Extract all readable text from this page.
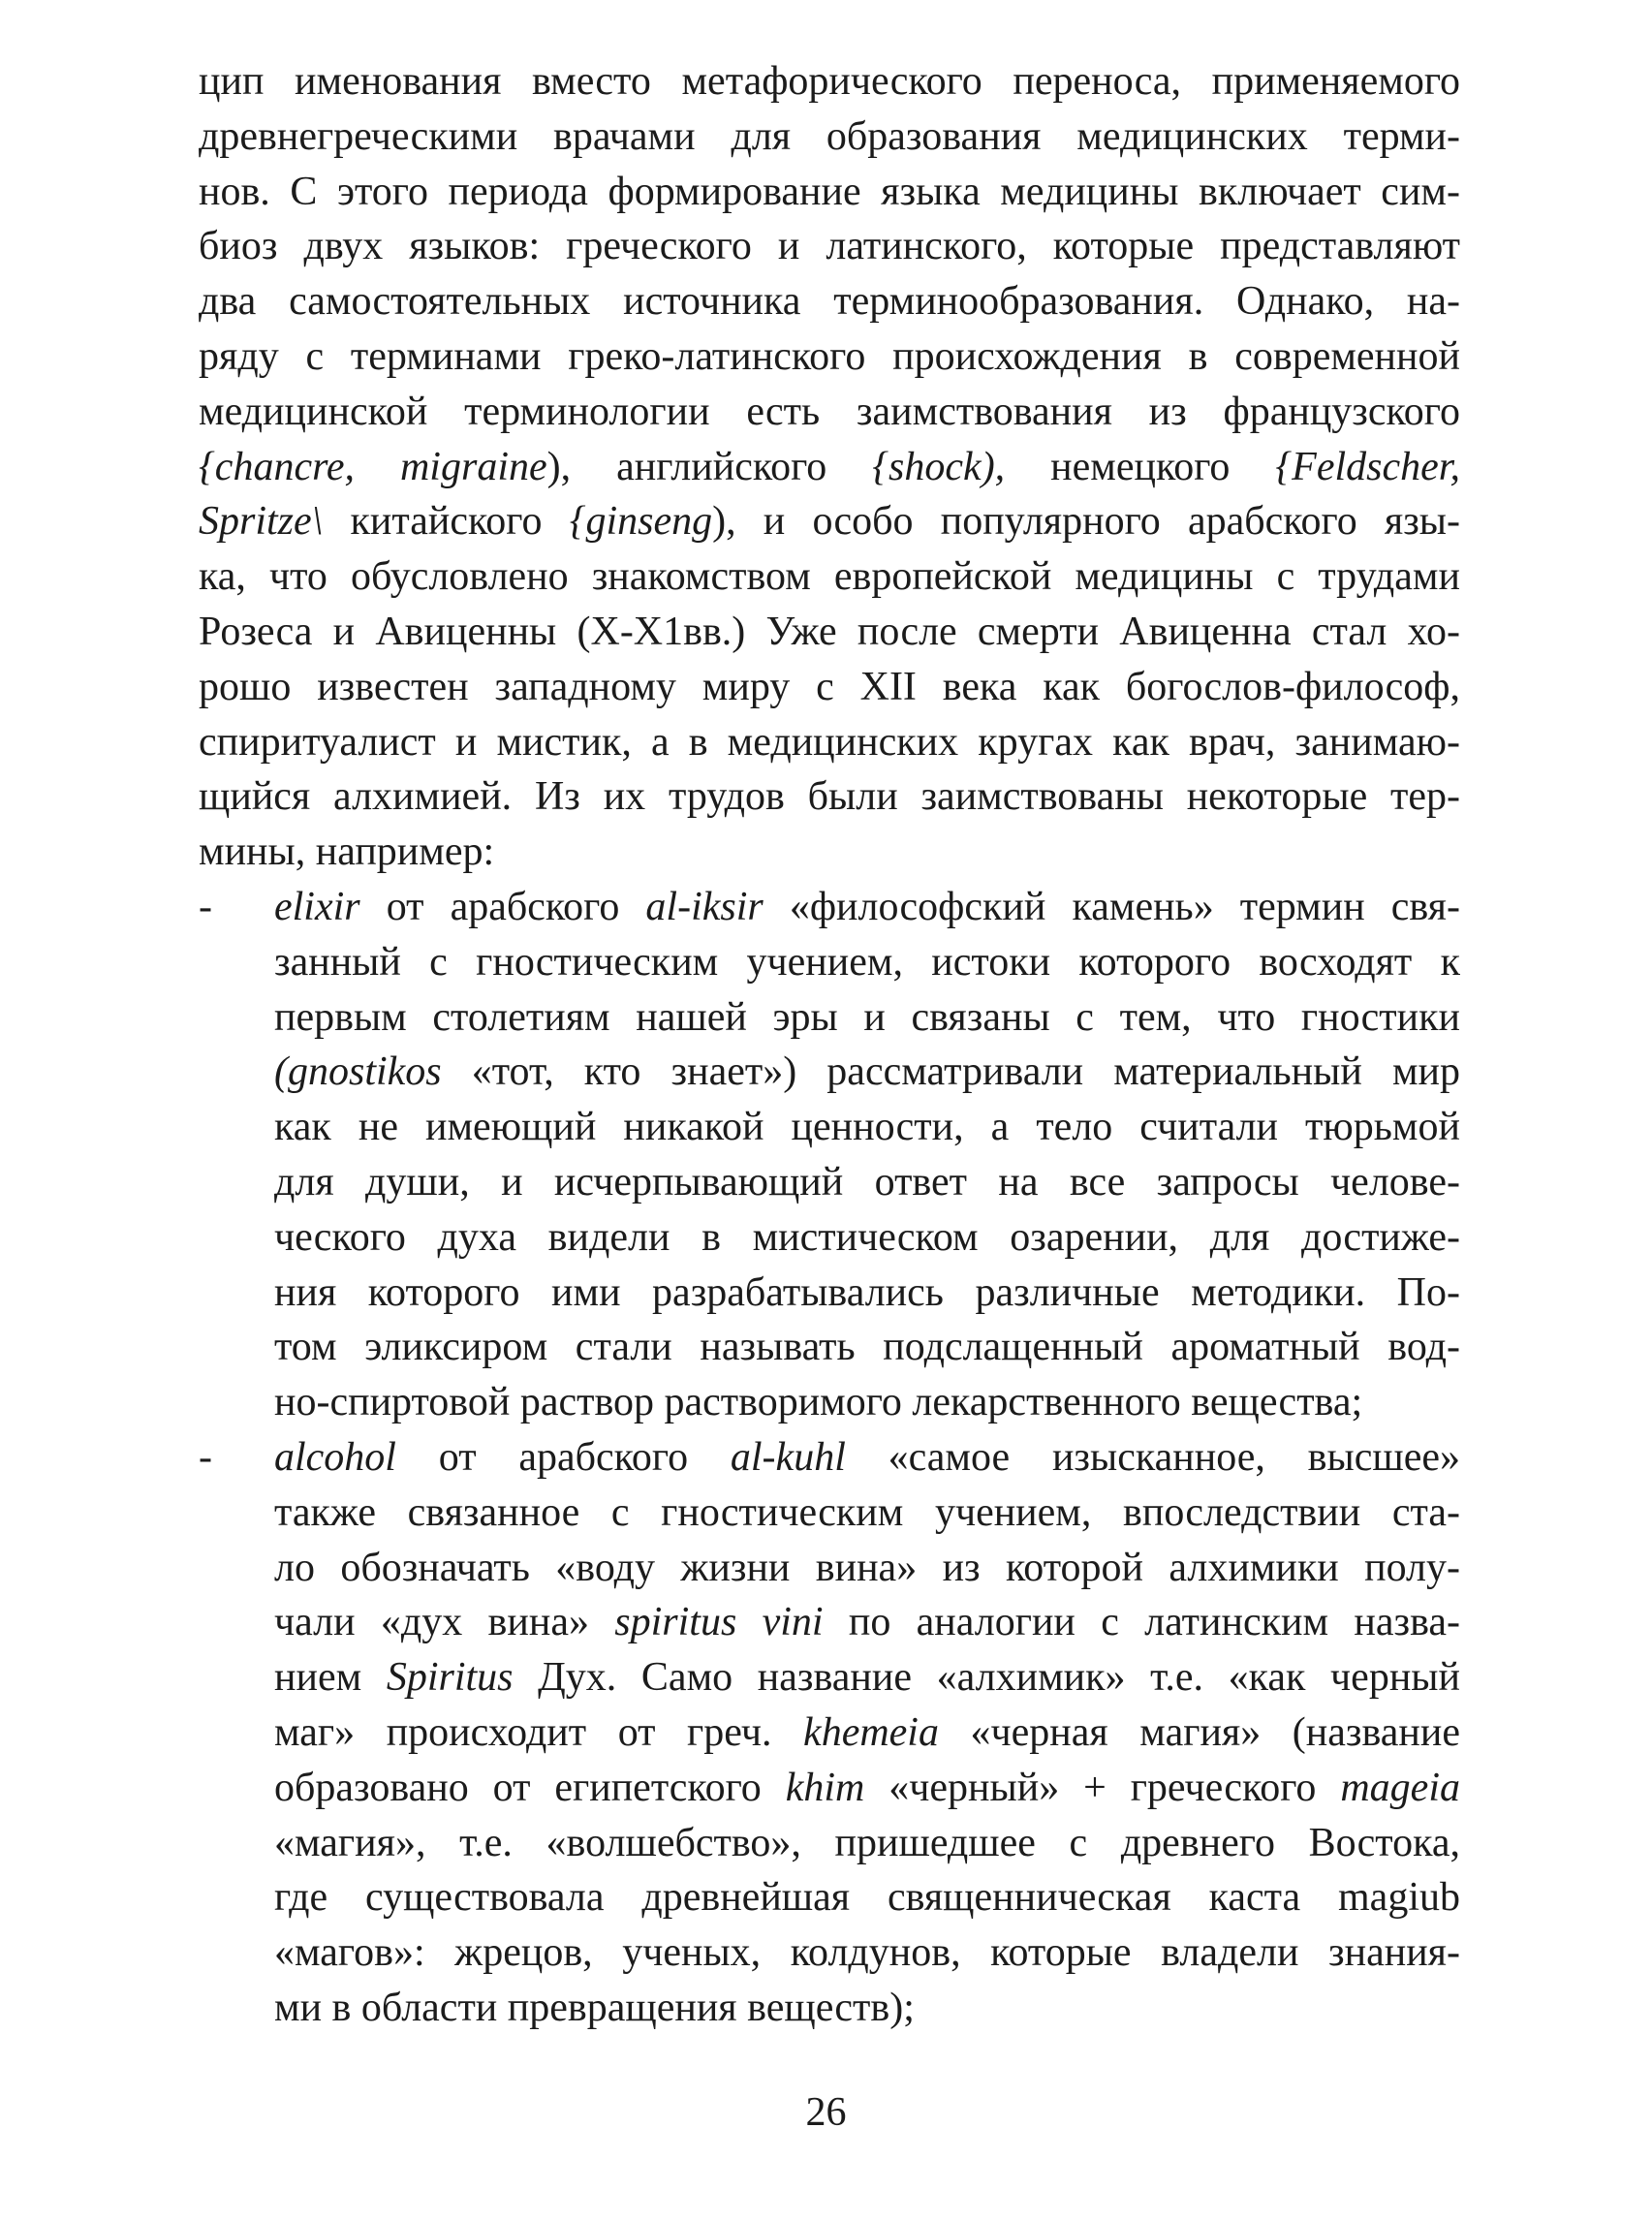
цип именования вместо метафорического переноса, применяемого
древнегреческими врачами для образования медицинских терми-
нов. С этого периода формирование языка медицины включает сим-
биоз двух языков: греческого и латинского, которые представляют
два самостоятельных источника терминообразования. Однако, на-
ряду с терминами греко-латинского происхождения в современной
медицинской терминологии есть заимствования из французского
{chancre, migraine), английского {shock), немецкого {Feldscher,
Spritze\ китайского {ginseng), и особо популярного арабского язы-
ка, что обусловлено знакомством европейской медицины с трудами
Розеса и Авиценны (X-X1вв.) Уже после смерти Авиценна стал хо-
рошо известен западному миру с XII века как богослов-философ,
спиритуалист и мистик, а в медицинских кругах как врач, занимаю-
щийся алхимией. Из их трудов были заимствованы некоторые тер-
мины, например:
- elixir от арабского al-iksir «философский камень» термин свя-
занный с гностическим учением, истоки которого восходят к
первым столетиям нашей эры и связаны с тем, что гностики
(gnostikos «тот, кто знает») рассматривали материальный мир
как не имеющий никакой ценности, а тело считали тюрьмой
для души, и исчерпывающий ответ на все запросы челове-
ческого духа видели в мистическом озарении, для достиже-
ния которого ими разрабатывались различные методики. По-
том эликсиром стали называть подслащенный ароматный вод-
но-спиртовой раствор растворимого лекарственного вещества;
- alcohol от арабского al-kuhl «самое изысканное, высшее»
также связанное с гностическим учением, впоследствии ста-
ло обозначать «воду жизни вина» из которой алхимики полу-
чали «дух вина» spiritus vini по аналогии с латинским назва-
нием Spiritus Дух. Само название «алхимик» т.е. «как черный
маг» происходит от греч. khemeia «черная магия» (название
образовано от египетского khim «черный» + греческого mageia
«магия», т.е. «волшебство», пришедшее с древнего Востока,
где существовала древнейшая священническая каста magiub
«магов»: жрецов, ученых, колдунов, которые владели знания-
ми в области превращения веществ);
26
